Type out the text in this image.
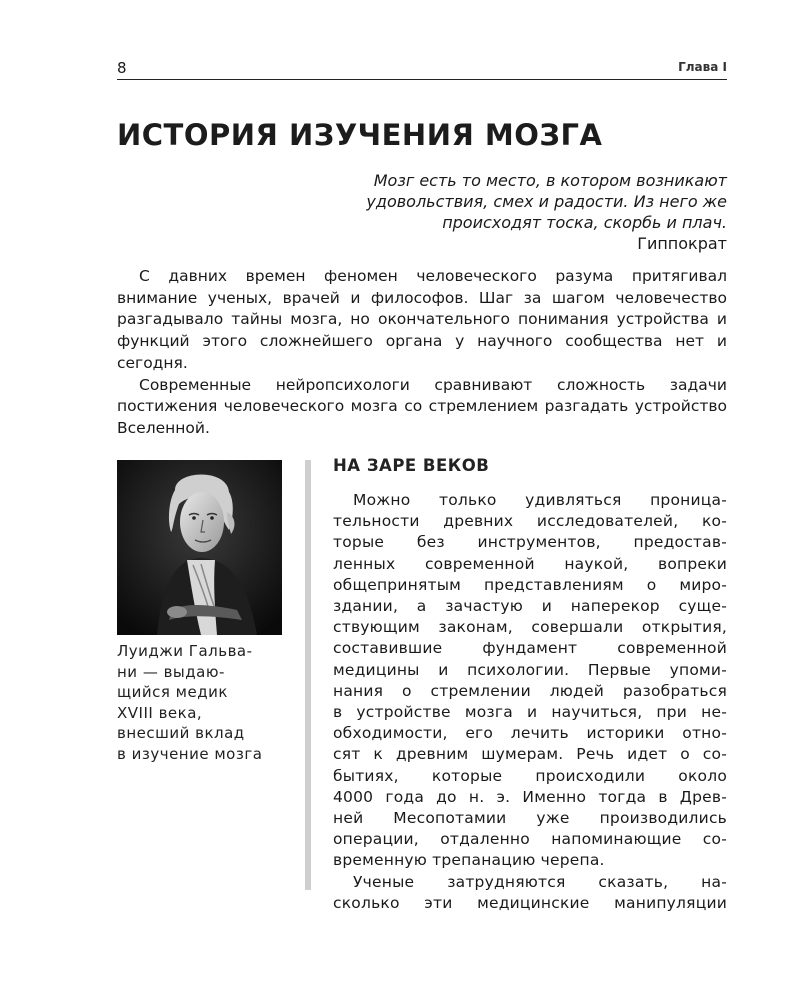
8	Глава I
ИСТОРИЯ ИЗУЧЕНИЯ МОЗГА
Мозг есть то место, в котором возникают
удовольствия, смех и радости. Из него же
происходят тоска, скорбь и плач.
Гиппократ

С давних времен феномен человеческого разума притягивал внимание ученых, врачей и философов. Шаг за шагом человечество разгадывало тайны мозга, но окончательного понимания устройства и функций этого сложнейшего органа у научного сообщества нет и сегодня.

Современные нейропсихологи сравнивают сложность задачи постижения человеческого мозга со стремлением разгадать устройство Вселенной.

Луиджи Гальва-
ни — выдаю-
щийся медик
XVIII века,
внесший вклад
в изучение мозга
НА ЗАРЕ ВЕКОВ
Можно только удивляться проница-
тельности древних исследователей, ко-
торые без инструментов, предостав-
ленных современной наукой, вопреки
общепринятым представлениям о миро-
здании, а зачастую и наперекор суще-
ствующим законам, совершали открытия,
составившие фундамент современной
медицины и психологии. Первые упоми-
нания о стремлении людей разобраться
в устройстве мозга и научиться, при не-
обходимости, его лечить историки отно-
сят к древним шумерам. Речь идет о со-
бытиях, которые происходили около
4000 года до н. э. Именно тогда в Древ-
ней Месопотамии уже производились
операции, отдаленно напоминающие со-
временную трепанацию черепа.
Ученые затрудняются сказать, на-
сколько эти медицинские манипуляции
